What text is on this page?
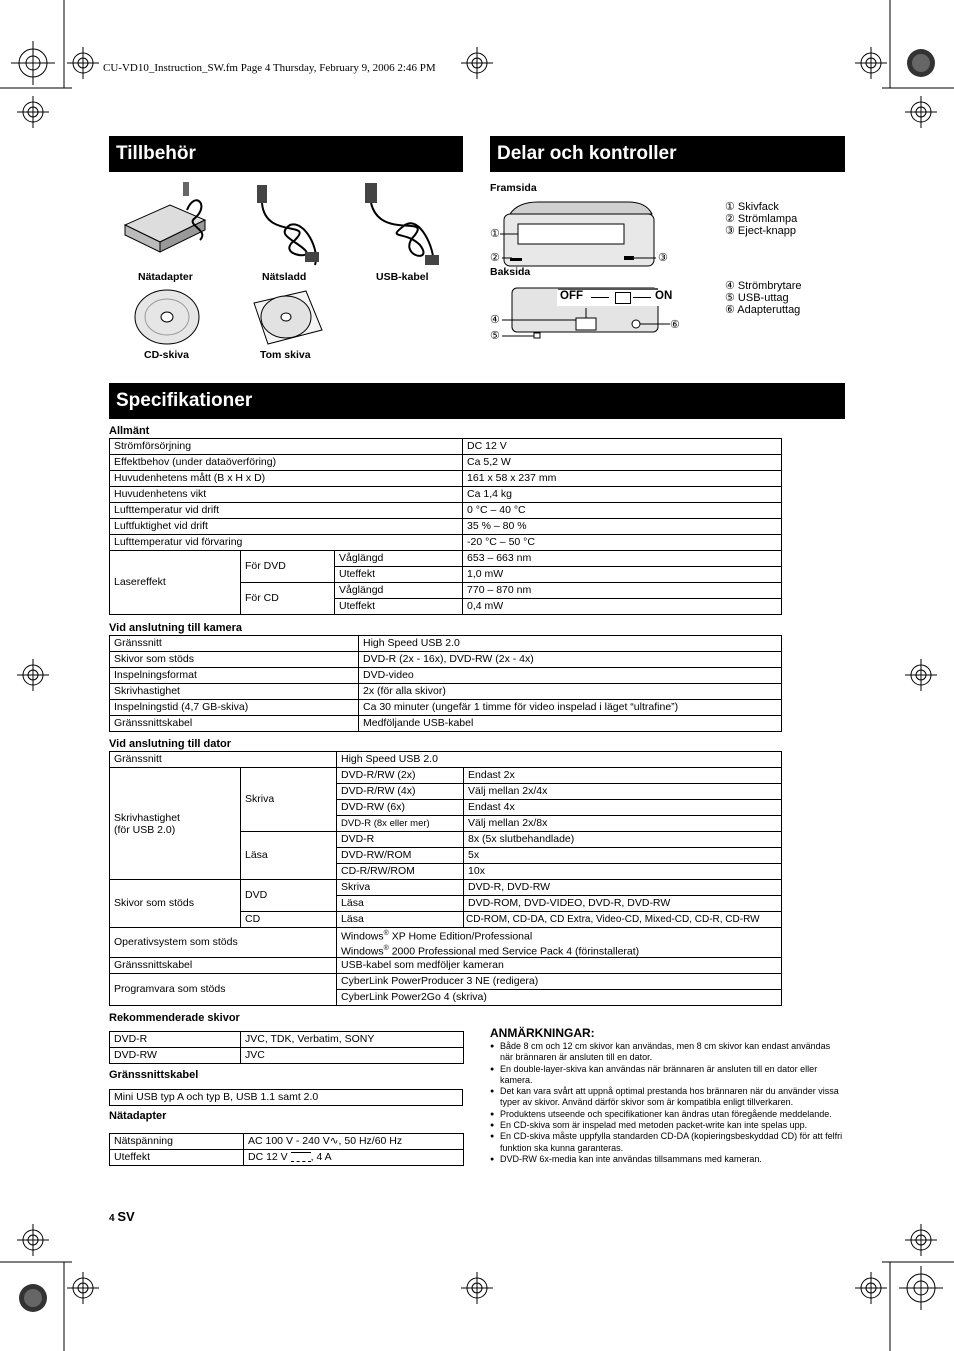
CU-VD10_Instruction_SW.fm Page 4 Thursday, February 9, 2006 2:46 PM
Tillbehör	Delar och kontroller
Specifikationer
Nätadapter	Nätsladd	USB-kabel
CD-skiva	Tom skiva
Framsida
Baksida
OFF	ON
①
②	③
④
⑤
⑥
① Skivfack
② Strömlampa
③ Eject-knapp
④ Strömbrytare
⑤ USB-uttag
⑥ Adapteruttag
Allmänt
Strömförsörjning			DC 12 V
Effektbehov (under dataöverföring)			Ca 5,2 W
Huvudenhetens mått (B x H x D)			161 x 58 x 237 mm
Huvudenhetens vikt			Ca 1,4 kg
Lufttemperatur vid drift			0 °C – 40 °C
Luftfuktighet vid drift			35 % – 80 %
Lufttemperatur vid förvaring			-20 °C – 50 °C
Lasereffekt	För DVD	Våglängd	653 – 663 nm
		Uteffekt	1,0 mW
	För CD	Våglängd	770 – 870 nm
		Uteffekt	0,4 mW
Vid anslutning till kamera
Gränssnitt	High Speed USB 2.0
Skivor som stöds	DVD-R (2x - 16x), DVD-RW (2x - 4x)
Inspelningsformat	DVD-video
Skrivhastighet	2x (för alla skivor)
Inspelningstid (4,7 GB-skiva)	Ca 30 minuter (ungefär 1 timme för video inspelad i läget “ultrafine”)
Gränssnittskabel	Medföljande USB-kabel
Vid anslutning till dator
Gränssnitt		High Speed USB 2.0	

Skrivhastighet
(för USB 2.0)	Skriva	DVD-R/RW (2x)	Endast 2x
		DVD-R/RW (4x)	Välj mellan 2x/4x
		DVD-RW (6x)	Endast 4x
		DVD-R (8x eller mer)	Välj mellan 2x/8x
	Läsa	DVD-R	8x (5x slutbehandlade)
		DVD-RW/ROM	5x
		CD-R/RW/ROM	10x
Skivor som stöds	DVD	Skriva	DVD-R, DVD-RW
		Läsa	DVD-ROM, DVD-VIDEO, DVD-R, DVD-RW
	CD	Läsa	CD-ROM, CD-DA, CD Extra, Video-CD, Mixed-CD, CD-R, CD-RW
Operativsystem som stöds		Windows® XP Home Edition/Professional
Windows® 2000 Professional med Service Pack 4 (förinstallerat)	

Gränssnittskabel		USB-kabel som medföljer kameran	
Programvara som stöds		CyberLink PowerProducer 3 NE (redigera)	
		CyberLink Power2Go 4 (skriva)	
Rekommenderade skivor
DVD-R	JVC, TDK, Verbatim, SONY
DVD-RW	JVC
Gränssnittskabel
Mini USB typ A och typ B, USB 1.1 samt 2.0
Nätadapter
Nätspänning	AC 100 V - 240 V∿, 50 Hz/60 Hz
Uteffekt	DC 12 V , 4 A
ANMÄRKNINGAR:
● Både 8 cm och 12 cm skivor kan användas, men 8 cm skivor kan endast användas när brännaren är ansluten till en dator.
● En double-layer-skiva kan användas när brännaren är ansluten till en dator eller kamera.
● Det kan vara svårt att uppnå optimal prestanda hos brännaren när du använder vissa typer av skivor. Använd därför skivor som är kompatibla enligt tillverkaren.
● Produktens utseende och specifikationer kan ändras utan föregående meddelande.
● En CD-skiva som är inspelad med metoden packet-write kan inte spelas upp.
● En CD-skiva måste uppfylla standarden CD-DA (kopieringsbeskyddad CD) för att felfri funktion ska kunna garanteras.
● DVD-RW 6x-media kan inte användas tillsammans med kameran.
4 SV
